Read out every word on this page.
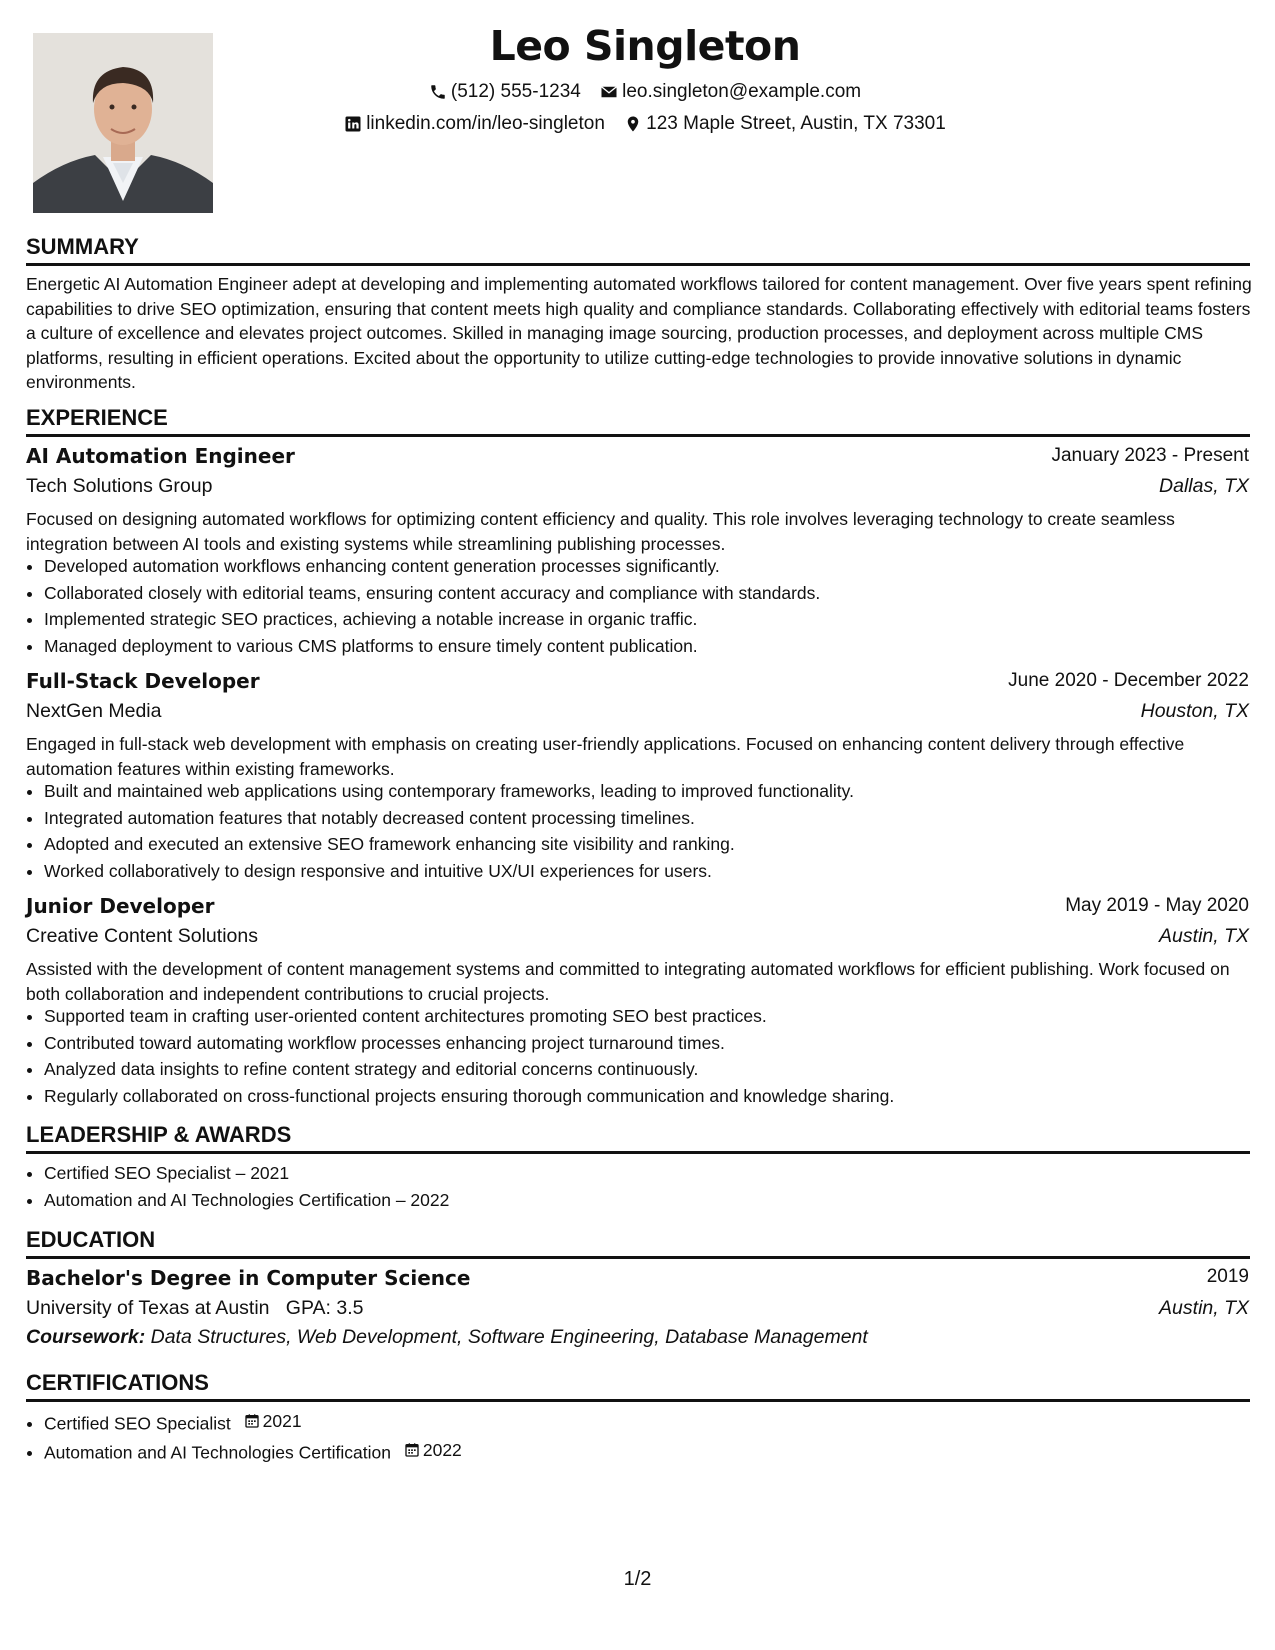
Leo Singleton
(512) 555-1234
leo.singleton@example.com
linkedin.com/in/leo-singleton
123 Maple Street, Austin, TX 73301
SUMMARY
Energetic AI Automation Engineer adept at developing and implementing automated workflows tailored for content management. Over five years spent refining capabilities to drive SEO optimization, ensuring that content meets high quality and compliance standards. Collaborating effectively with editorial teams fosters a culture of excellence and elevates project outcomes. Skilled in managing image sourcing, production processes, and deployment across multiple CMS platforms, resulting in efficient operations. Excited about the opportunity to utilize cutting-edge technologies to provide innovative solutions in dynamic environments.
EXPERIENCE
AI Automation Engineer	January 2023 - Present
Tech Solutions Group	Dallas, TX
Focused on designing automated workflows for optimizing content efficiency and quality. This role involves leveraging technology to create seamless integration between AI tools and existing systems while streamlining publishing processes.
• Developed automation workflows enhancing content generation processes significantly.
• Collaborated closely with editorial teams, ensuring content accuracy and compliance with standards.
• Implemented strategic SEO practices, achieving a notable increase in organic traffic.
• Managed deployment to various CMS platforms to ensure timely content publication.
Full-Stack Developer	June 2020 - December 2022
NextGen Media	Houston, TX
Engaged in full-stack web development with emphasis on creating user-friendly applications. Focused on enhancing content delivery through effective automation features within existing frameworks.
• Built and maintained web applications using contemporary frameworks, leading to improved functionality.
• Integrated automation features that notably decreased content processing timelines.
• Adopted and executed an extensive SEO framework enhancing site visibility and ranking.
• Worked collaboratively to design responsive and intuitive UX/UI experiences for users.
Junior Developer	May 2019 - May 2020
Creative Content Solutions	Austin, TX
Assisted with the development of content management systems and committed to integrating automated workflows for efficient publishing. Work focused on both collaboration and independent contributions to crucial projects.
• Supported team in crafting user-oriented content architectures promoting SEO best practices.
• Contributed toward automating workflow processes enhancing project turnaround times.
• Analyzed data insights to refine content strategy and editorial concerns continuously.
• Regularly collaborated on cross-functional projects ensuring thorough communication and knowledge sharing.
LEADERSHIP & AWARDS
• Certified SEO Specialist – 2021
• Automation and AI Technologies Certification – 2022
EDUCATION
Bachelor's Degree in Computer Science	2019
University of Texas at Austin GPA: 3.5	Austin, TX
Coursework: Data Structures, Web Development, Software Engineering, Database Management
CERTIFICATIONS
• Certified SEO Specialist 2021
• Automation and AI Technologies Certification 2022
1/2
